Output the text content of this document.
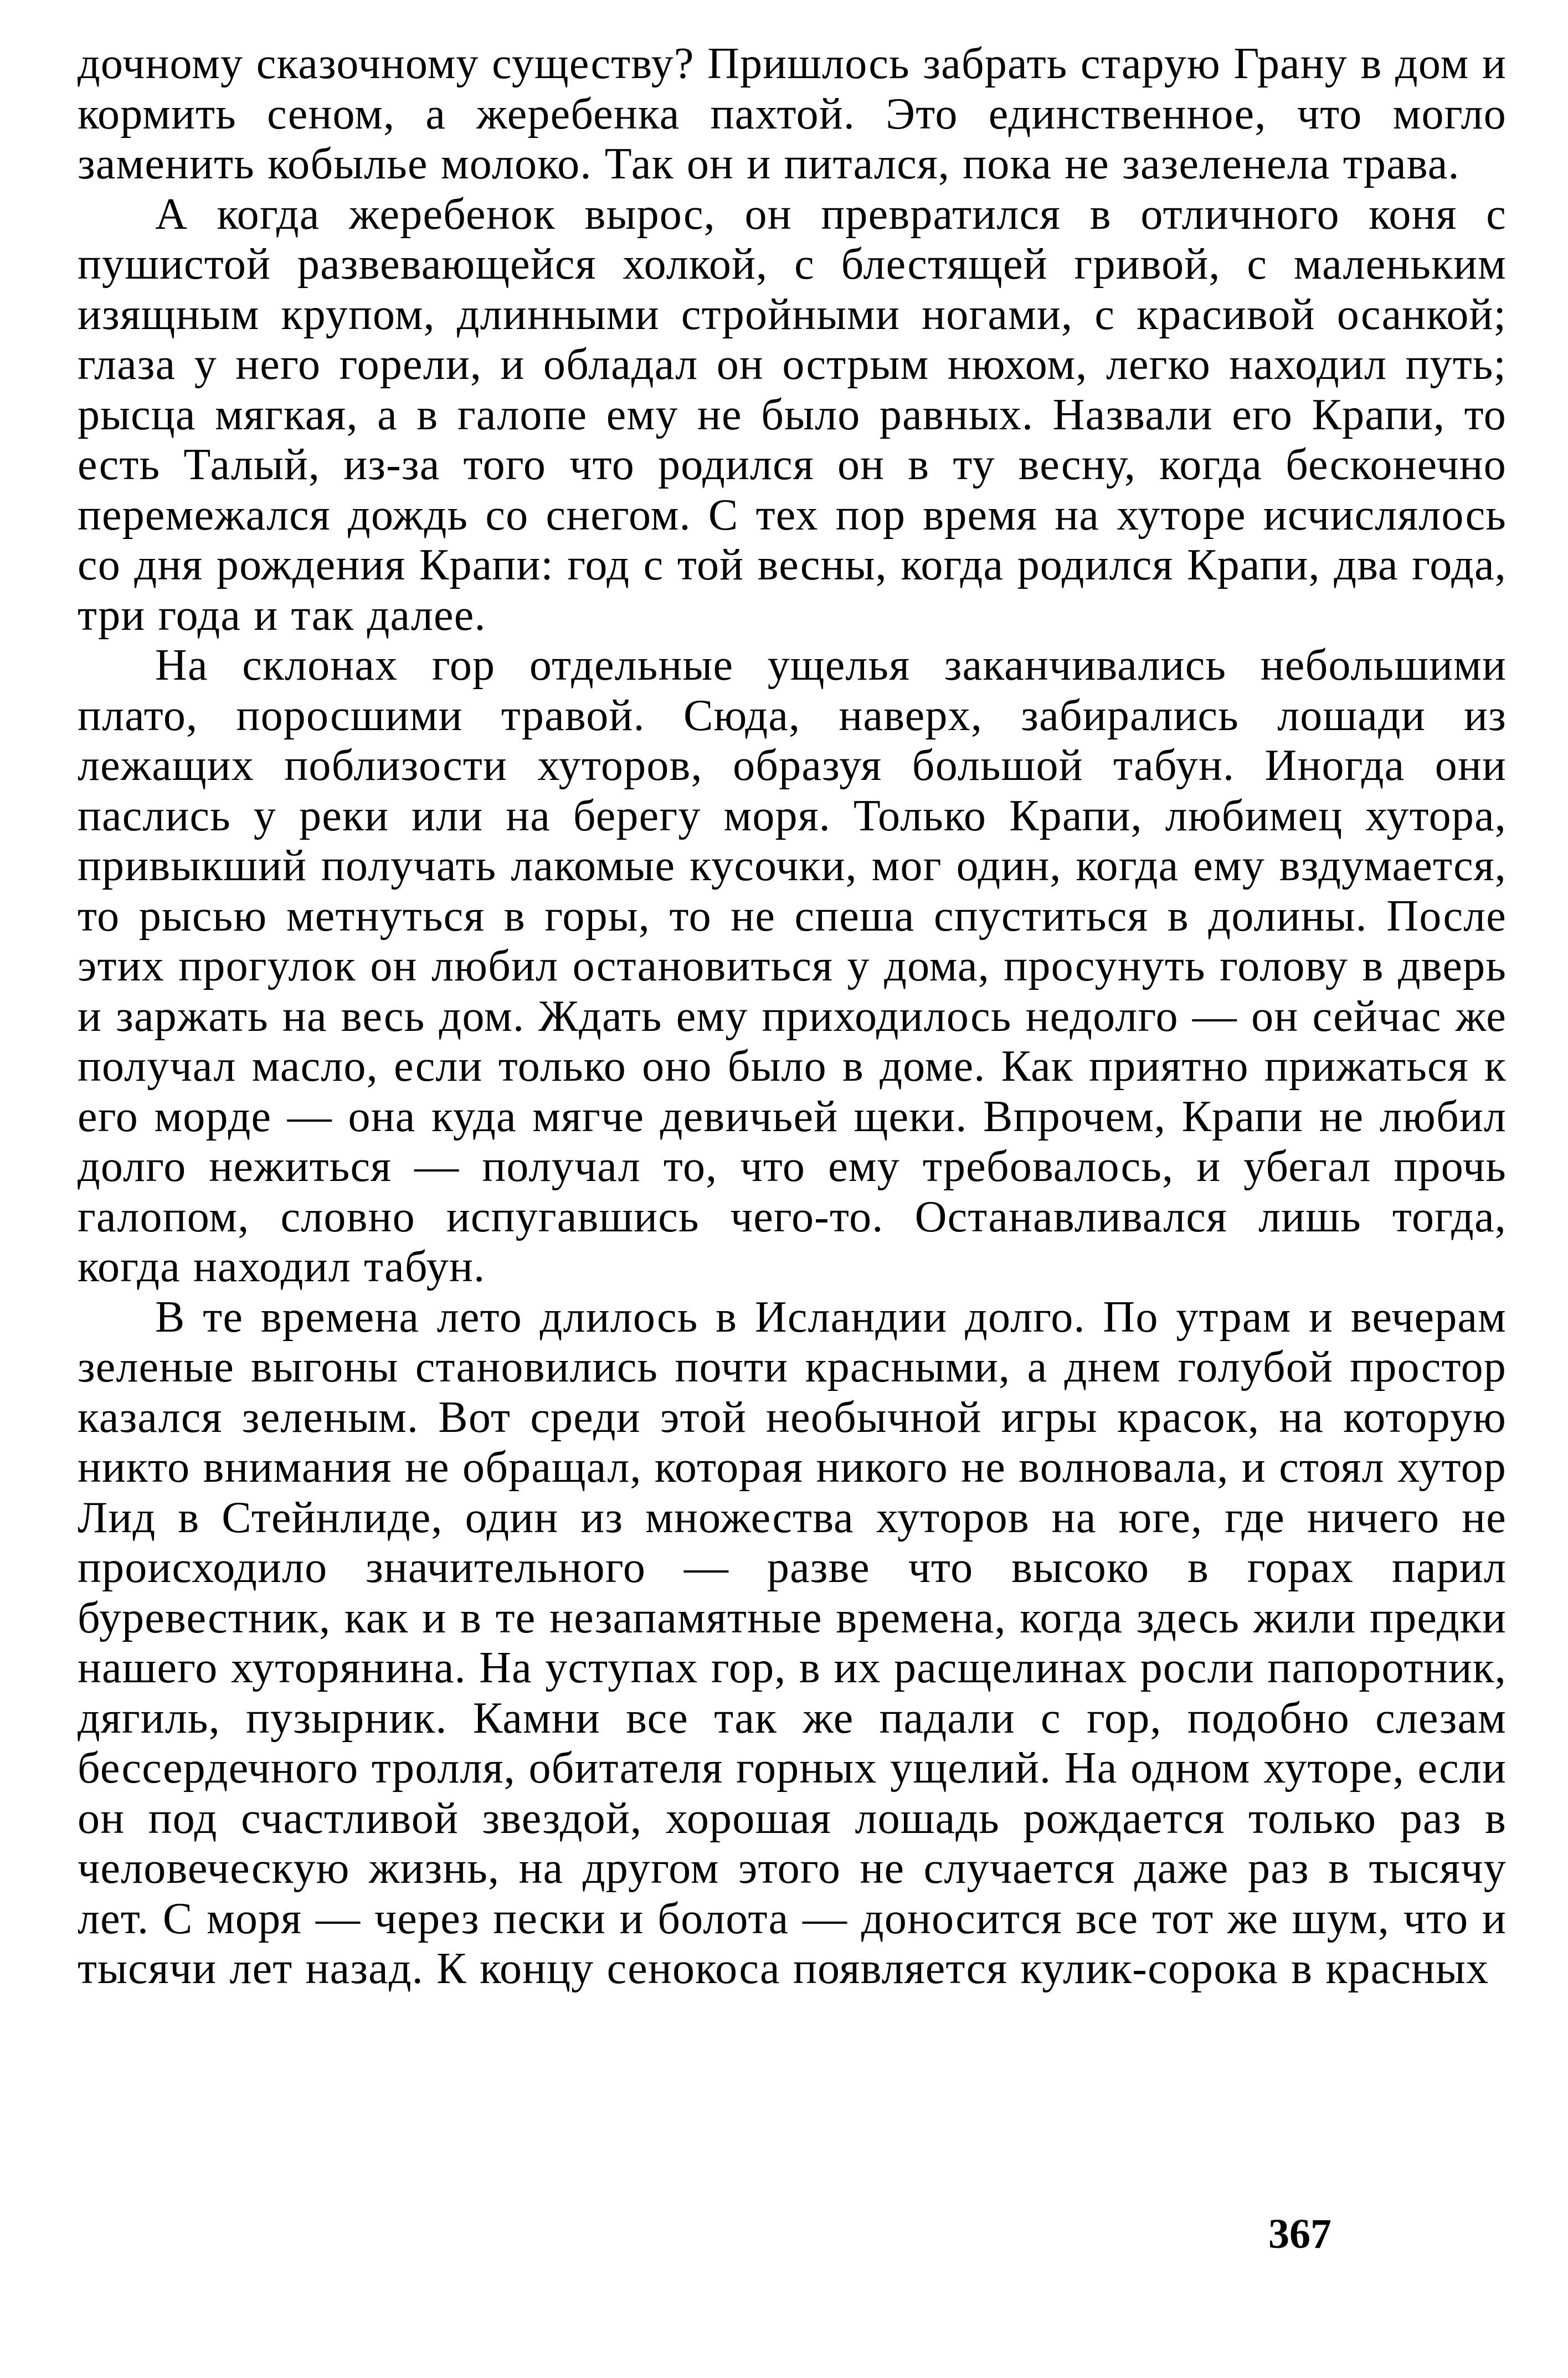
дочному сказочному существу? Пришлось забрать старую Грану в дом и кормить сеном, а жеребенка пахтой. Это единственное, что могло заменить кобылье молоко. Так он и питался, пока не зазеленела трава.

А когда жеребенок вырос, он превратился в отличного коня с пушистой развевающейся холкой, с блестящей гривой, с маленьким изящным крупом, длинными стройными ногами, с красивой осанкой; глаза у него горели, и обладал он острым нюхом, легко находил путь; рысца мягкая, а в галопе ему не было равных. Назвали его Крапи, то есть Талый, из-за того что родился он в ту весну, когда бесконечно перемежался дождь со снегом. С тех пор время на хуторе исчислялось со дня рождения Крапи: год с той весны, когда родился Крапи, два года, три года и так далее.

На склонах гор отдельные ущелья заканчивались небольшими плато, поросшими травой. Сюда, наверх, забирались лошади из лежащих поблизости хуторов, образуя большой табун. Иногда они паслись у реки или на берегу моря. Только Крапи, любимец хутора, привыкший получать лакомые кусочки, мог один, когда ему вздумается, то рысью метнуться в горы, то не спеша спуститься в долины. После этих прогулок он любил остановиться у дома, просунуть голову в дверь и заржать на весь дом. Ждать ему приходилось недолго — он сейчас же получал масло, если только оно было в доме. Как приятно прижаться к его морде — она куда мягче девичьей щеки. Впрочем, Крапи не любил долго нежиться — получал то, что ему требовалось, и убегал прочь галопом, словно испугавшись чего-то. Останавливался лишь тогда, когда находил табун.

В те времена лето длилось в Исландии долго. По утрам и вечерам зеленые выгоны становились почти красными, а днем голубой простор казался зеленым. Вот среди этой необычной игры красок, на которую никто внимания не обращал, которая никого не волновала, и стоял хутор Лид в Стейнлиде, один из множества хуторов на юге, где ничего не происходило значительного — разве что высоко в горах парил буревестник, как и в те незапамятные времена, когда здесь жили предки нашего хуторянина. На уступах гор, в их расщелинах росли папоротник, дягиль, пузырник. Камни все так же падали с гор, подобно слезам бессердечного тролля, обитателя горных ущелий. На одном хуторе, если он под счастливой звездой, хорошая лошадь рождается только раз в человеческую жизнь, на другом этого не случается даже раз в тысячу лет. С моря — через пески и болота — доносится все тот же шум, что и тысячи лет назад. К концу сенокоса появляется кулик-сорока в красных

367
